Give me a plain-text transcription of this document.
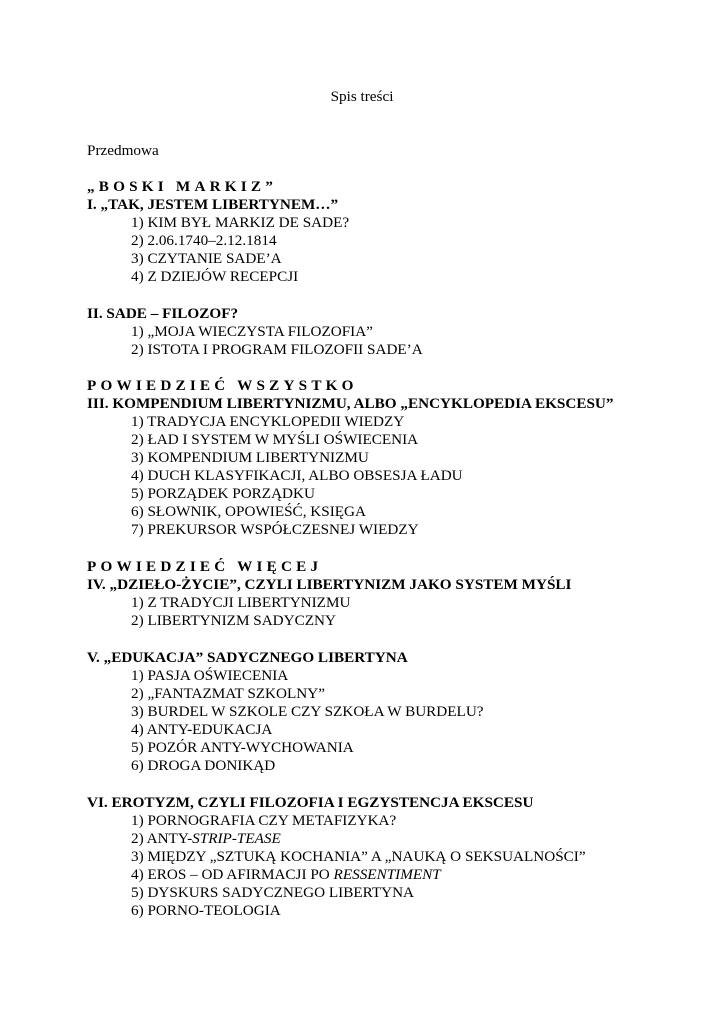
Spis treści
Przedmowa
„BOSKI MARKIZ”
I. „TAK, JESTEM LIBERTYNEM…”
1) KIM BYŁ MARKIZ DE SADE?
2) 2.06.1740–2.12.1814
3) CZYTANIE SADE’A
4) Z DZIEJÓW RECEPCJI
II. SADE – FILOZOF?
1) „MOJA WIECZYSTA FILOZOFIA”
2) ISTOTA I PROGRAM FILOZOFII SADE’A
POWIEDZIEĆ WSZYSTKO
III. KOMPENDIUM LIBERTYNIZMU, ALBO „ENCYKLOPEDIA EKSCESU”
1) TRADYCJA ENCYKLOPEDII WIEDZY
2) ŁAD I SYSTEM W MYŚLI OŚWIECENIA
3) KOMPENDIUM LIBERTYNIZMU
4) DUCH KLASYFIKACJI, ALBO OBSESJA ŁADU
5) PORZĄDEK PORZĄDKU
6) SŁOWNIK, OPOWIEŚĆ, KSIĘGA
7) PREKURSOR WSPÓŁCZESNEJ WIEDZY
POWIEDZIEĆ WIĘCEJ
IV. „DZIEŁO-ŻYCIE”, CZYLI LIBERTYNIZM JAKO SYSTEM MYŚLI
1) Z TRADYCJI LIBERTYNIZMU
2) LIBERTYNIZM SADYCZNY
V. „EDUKACJA” SADYCZNEGO LIBERTYNA
1) PASJA OŚWIECENIA
2) „FANTAZMAT SZKOLNY”
3) BURDEL W SZKOLE CZY SZKOŁA W BURDELU?
4) ANTY-EDUKACJA
5) POZÓR ANTY-WYCHOWANIA
6) DROGA DONIKĄD
VI. EROTYZM, CZYLI FILOZOFIA I EGZYSTENCJA EKSCESU
1) PORNOGRAFIA CZY METAFIZYKA?
2) ANTY-STRIP-TEASE
3) MIĘDZY „SZTUKĄ KOCHANIA” A „NAUKĄ O SEKSUALNOŚCI”
4) EROS – OD AFIRMACJI PO RESSENTIMENT
5) DYSKURS SADYCZNEGO LIBERTYNA
6) PORNO-TEOLOGIA
